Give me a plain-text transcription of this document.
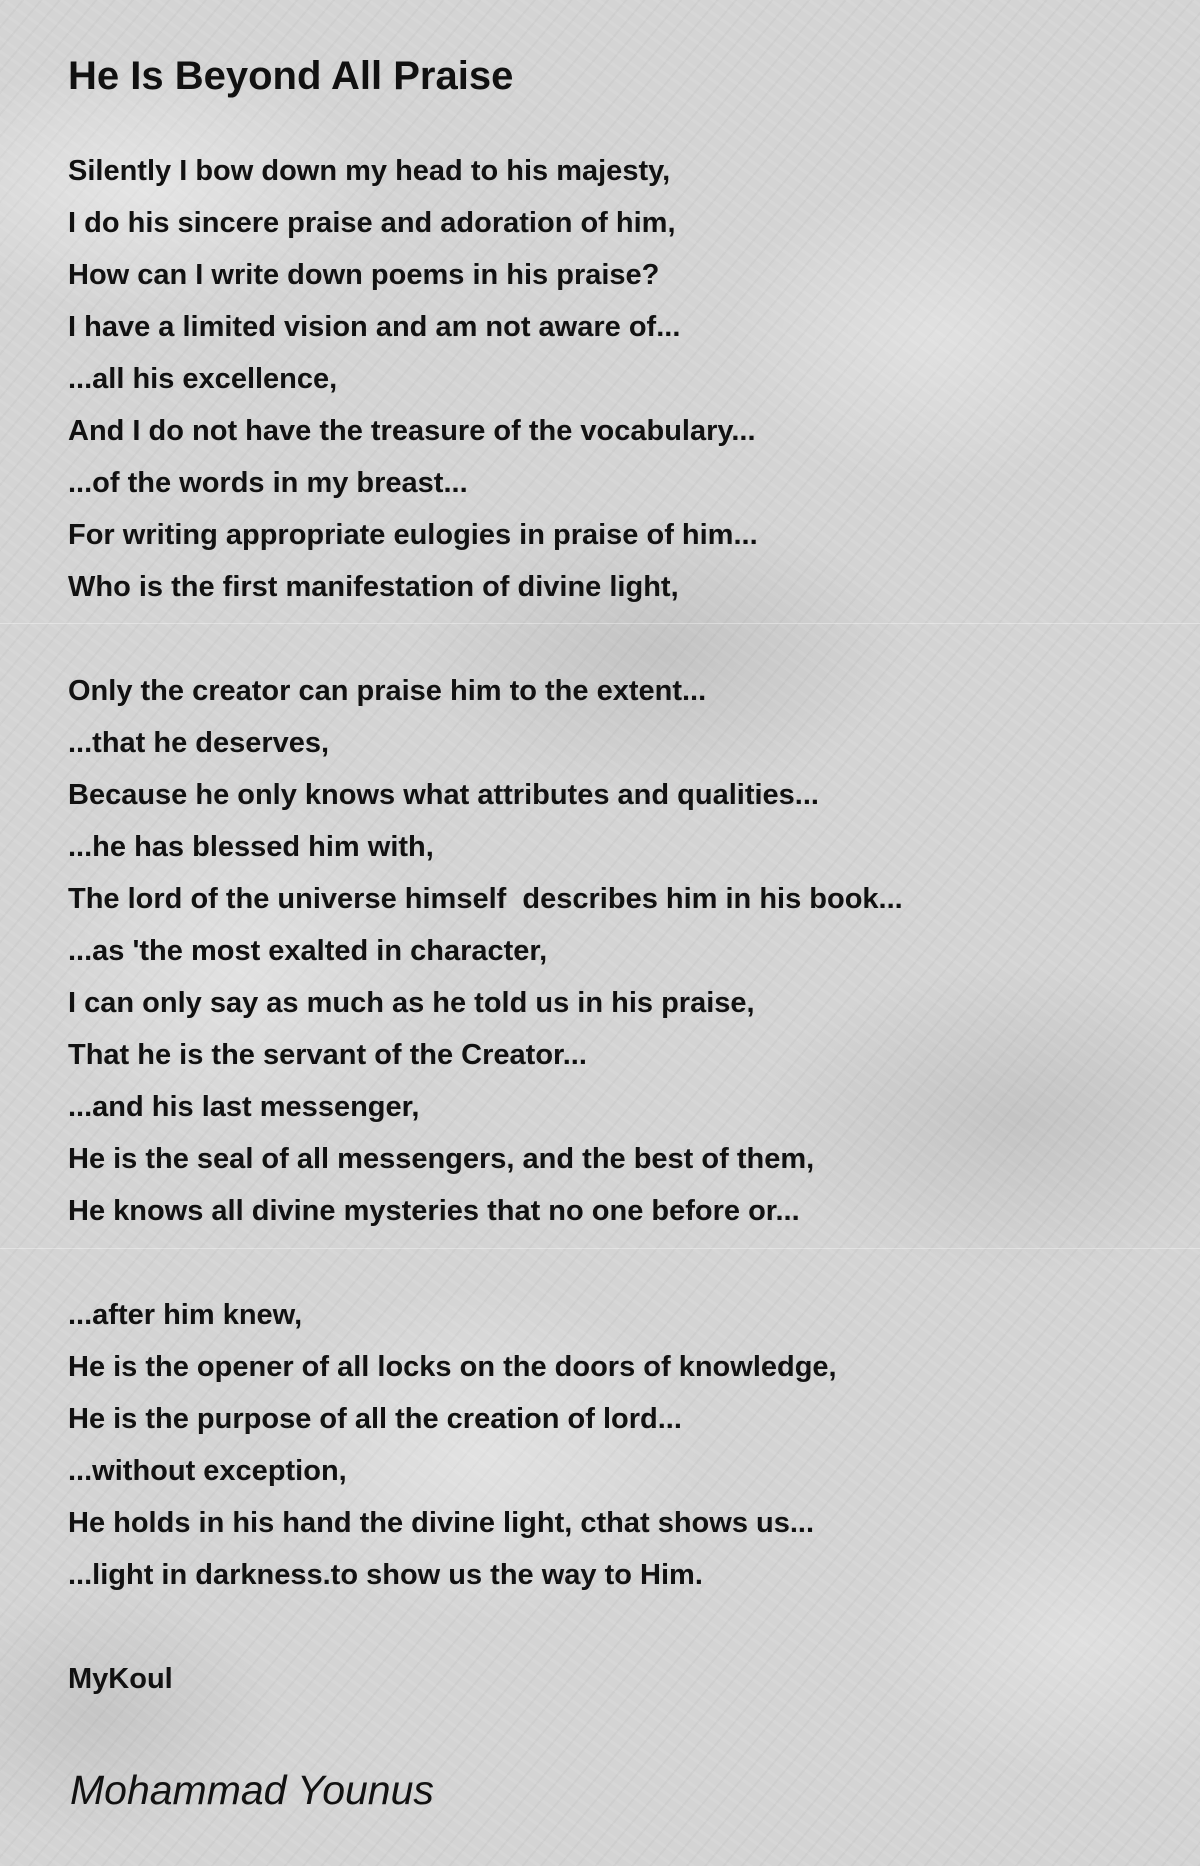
He Is Beyond All Praise
Silently I bow down my head to his majesty,
I do his sincere praise and adoration of him,
How can I write down poems in his praise?
I have a limited vision and am not aware of...
...all his excellence,
And I do not have the treasure of the vocabulary...
...of the words in my breast...
For writing appropriate eulogies in praise of him...
Who is the first manifestation of divine light,
Only the creator can praise him to the extent...
...that he deserves,
Because he only knows what attributes and qualities...
...he has blessed him with,
The lord of the universe himself  describes him in his book...
...as 'the most exalted in character,
I can only say as much as he told us in his praise,
That he is the servant of the Creator...
...and his last messenger,
He is the seal of all messengers, and the best of them,
He knows all divine mysteries that no one before or...
...after him knew,
He is the opener of all locks on the doors of knowledge,
He is the purpose of all the creation of lord...
...without exception,
He holds in his hand the divine light, cthat shows us...
...light in darkness.to show us the way to Him.
MyKoul
Mohammad Younus
